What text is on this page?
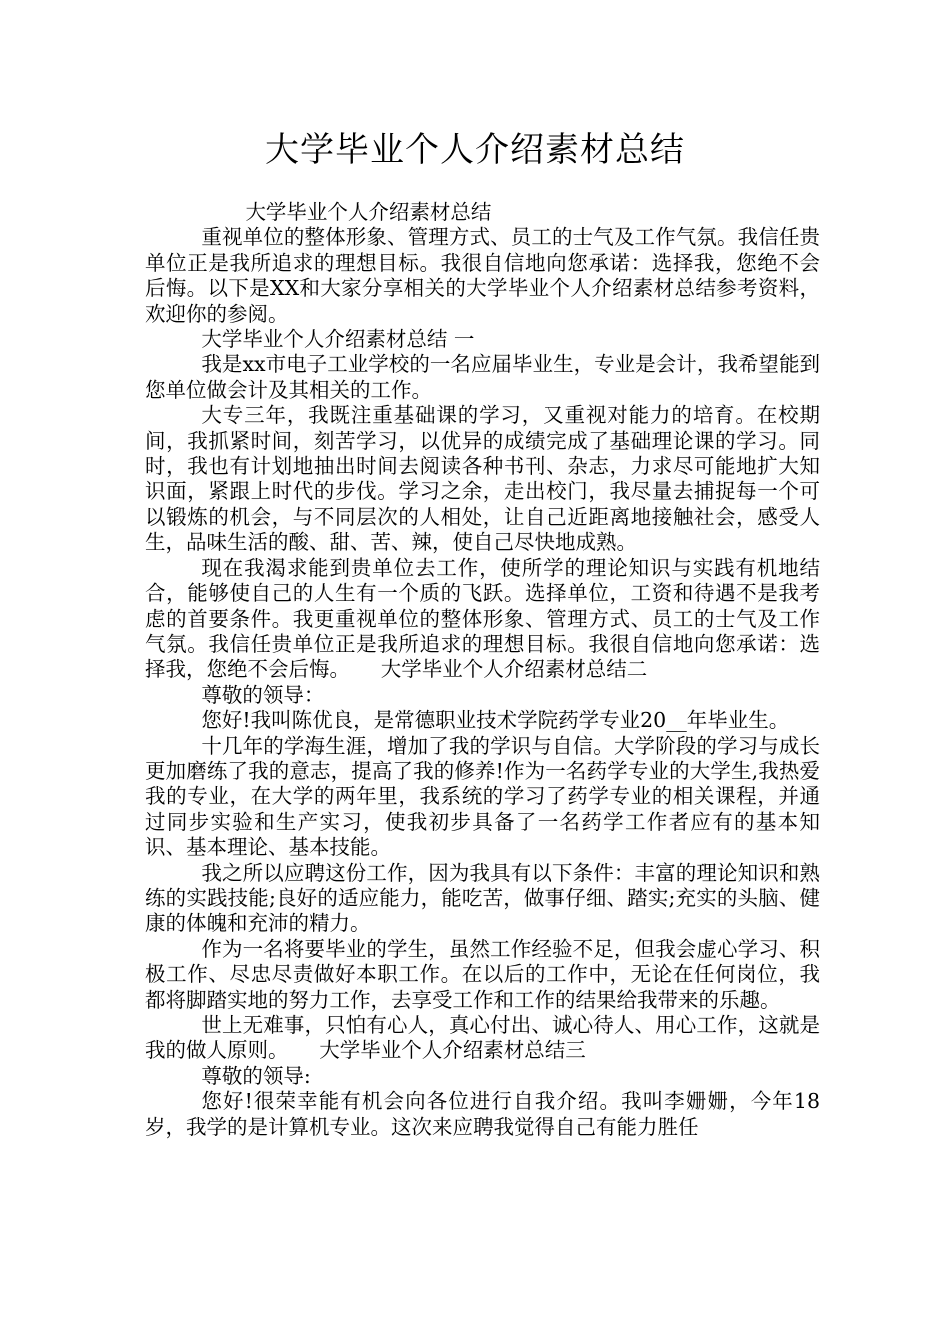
大学毕业个人介绍素材总结

大学毕业个人介绍素材总结

重视单位的整体形象、管理方式、员工的士气及工作气氛。我信任贵单位正是我所追求的理想目标。我很自信地向您承诺：选择我，您绝不会后悔。以下是XX和大家分享相关的大学毕业个人介绍素材总结参考资料，欢迎你的参阅。

大学毕业个人介绍素材总结 一

我是xx市电子工业学校的一名应届毕业生，专业是会计，我希望能到您单位做会计及其相关的工作。

大专三年，我既注重基础课的学习，又重视对能力的培育。在校期间，我抓紧时间，刻苦学习，以优异的成绩完成了基础理论课的学习。同时，我也有计划地抽出时间去阅读各种书刊、杂志，力求尽可能地扩大知识面，紧跟上时代的步伐。学习之余，走出校门，我尽量去捕捉每一个可以锻炼的机会，与不同层次的人相处，让自己近距离地接触社会，感受人生，品味生活的酸、甜、苦、辣，使自己尽快地成熟。

现在我渴求能到贵单位去工作，使所学的理论知识与实践有机地结合，能够使自己的人生有一个质的飞跃。选择单位，工资和待遇不是我考虑的首要条件。我更重视单位的整体形象、管理方式、员工的士气及工作气氛。我信任贵单位正是我所追求的理想目标。我很自信地向您承诺：选择我，您绝不会后悔。　　大学毕业个人介绍素材总结二

尊敬的领导：

您好!我叫陈优良，是常德职业技术学院药学专业20__年毕业生。

十几年的学海生涯，增加了我的学识与自信。大学阶段的学习与成长更加磨练了我的意志，提高了我的修养!作为一名药学专业的大学生,我热爱我的专业，在大学的两年里，我系统的学习了药学专业的相关课程，并通过同步实验和生产实习，使我初步具备了一名药学工作者应有的基本知识、基本理论、基本技能。

我之所以应聘这份工作，因为我具有以下条件：丰富的理论知识和熟练的实践技能;良好的适应能力，能吃苦，做事仔细、踏实;充实的头脑、健康的体魄和充沛的精力。

作为一名将要毕业的学生，虽然工作经验不足，但我会虚心学习、积极工作、尽忠尽责做好本职工作。在以后的工作中，无论在任何岗位，我都将脚踏实地的努力工作，去享受工作和工作的结果给我带来的乐趣。

世上无难事，只怕有心人，真心付出、诚心待人、用心工作，这就是我的做人原则。　　大学毕业个人介绍素材总结三

尊敬的领导:

您好!很荣幸能有机会向各位进行自我介绍。我叫李姗姗，今年18岁，我学的是计算机专业。这次来应聘我觉得自己有能力胜任
